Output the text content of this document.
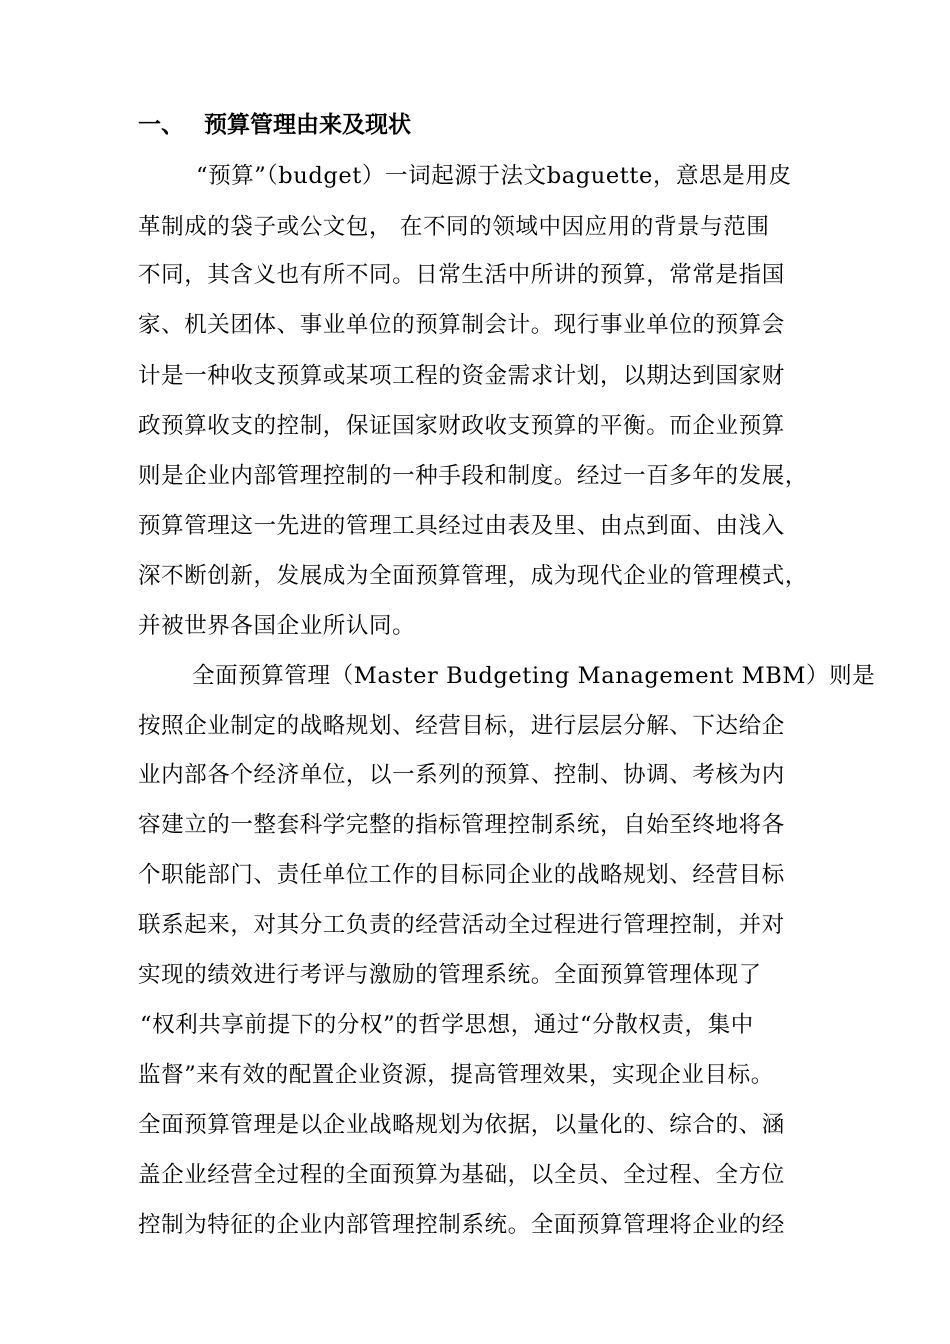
一、 预算管理由来及现状
“预算”（budget）一词起源于法文baguette，意思是用皮
革制成的袋子或公文包， 在不同的领域中因应用的背景与范围
不同，其含义也有所不同。日常生活中所讲的预算，常常是指国
家、机关团体、事业单位的预算制会计。现行事业单位的预算会
计是一种收支预算或某项工程的资金需求计划，以期达到国家财
政预算收支的控制，保证国家财政收支预算的平衡。而企业预算
则是企业内部管理控制的一种手段和制度。经过一百多年的发展，
预算管理这一先进的管理工具经过由表及里、由点到面、由浅入
深不断创新，发展成为全面预算管理，成为现代企业的管理模式，
并被世界各国企业所认同。
全面预算管理（Master Budgeting Management MBM）则是
按照企业制定的战略规划、经营目标，进行层层分解、下达给企
业内部各个经济单位，以一系列的预算、控制、协调、考核为内
容建立的一整套科学完整的指标管理控制系统，自始至终地将各
个职能部门、责任单位工作的目标同企业的战略规划、经营目标
联系起来，对其分工负责的经营活动全过程进行管理控制，并对
实现的绩效进行考评与激励的管理系统。全面预算管理体现了
“权利共享前提下的分权”的哲学思想，通过“分散权责，集中
监督”来有效的配置企业资源，提高管理效果，实现企业目标。
全面预算管理是以企业战略规划为依据，以量化的、综合的、涵
盖企业经营全过程的全面预算为基础，以全员、全过程、全方位
控制为特征的企业内部管理控制系统。全面预算管理将企业的经
